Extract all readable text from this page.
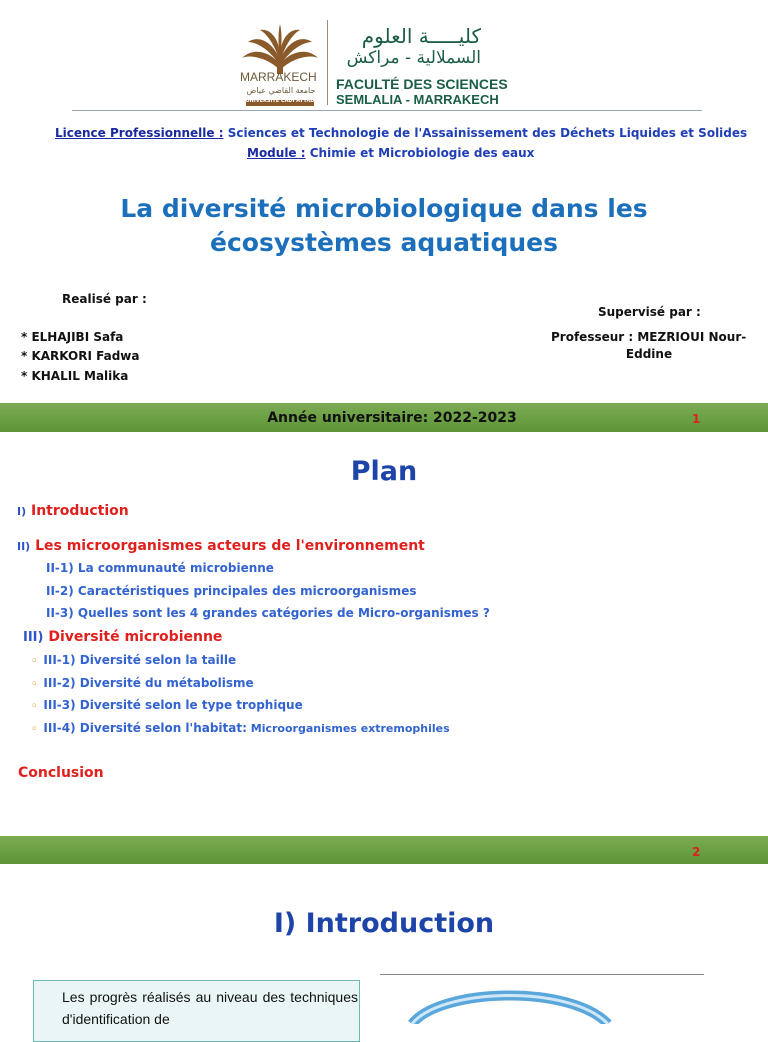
MARRAKECH
جامعة القاضي عياض
UNIVERSITÉ CADI AYYAD
كليـــــة العلوم
السملالية - مراكش
FACULTÉ DES SCIENCES
SEMLALIA - MARRAKECH
Licence Professionnelle : Sciences et Technologie de l'Assainissement des Déchets Liquides et Solides
Module : Chimie et Microbiologie des eaux
La diversité microbiologique dans les
écosystèmes aquatiques
Realisé par :
* ELHAJIBI Safa
* KARKORI Fadwa
* KHALIL Malika
Supervisé par :
Professeur : MEZRIOUI Nour-
Eddine
Année universitaire: 2022-2023	1
Plan
I) Introduction
II) Les microorganismes acteurs de l'environnement
II-1) La communauté microbienne
II-2) Caractéristiques principales des microorganismes
II-3) Quelles sont les 4 grandes catégories de Micro-organismes ?
III) Diversité microbienne
◦ III-1) Diversité selon la taille
◦ III-2) Diversité du métabolisme
◦ III-3) Diversité selon le type trophique
◦ III-4) Diversité selon l'habitat: Microorganismes extremophiles
Conclusion
2
I) Introduction
Les progrès réalisés au niveau des techniques d'identification de
